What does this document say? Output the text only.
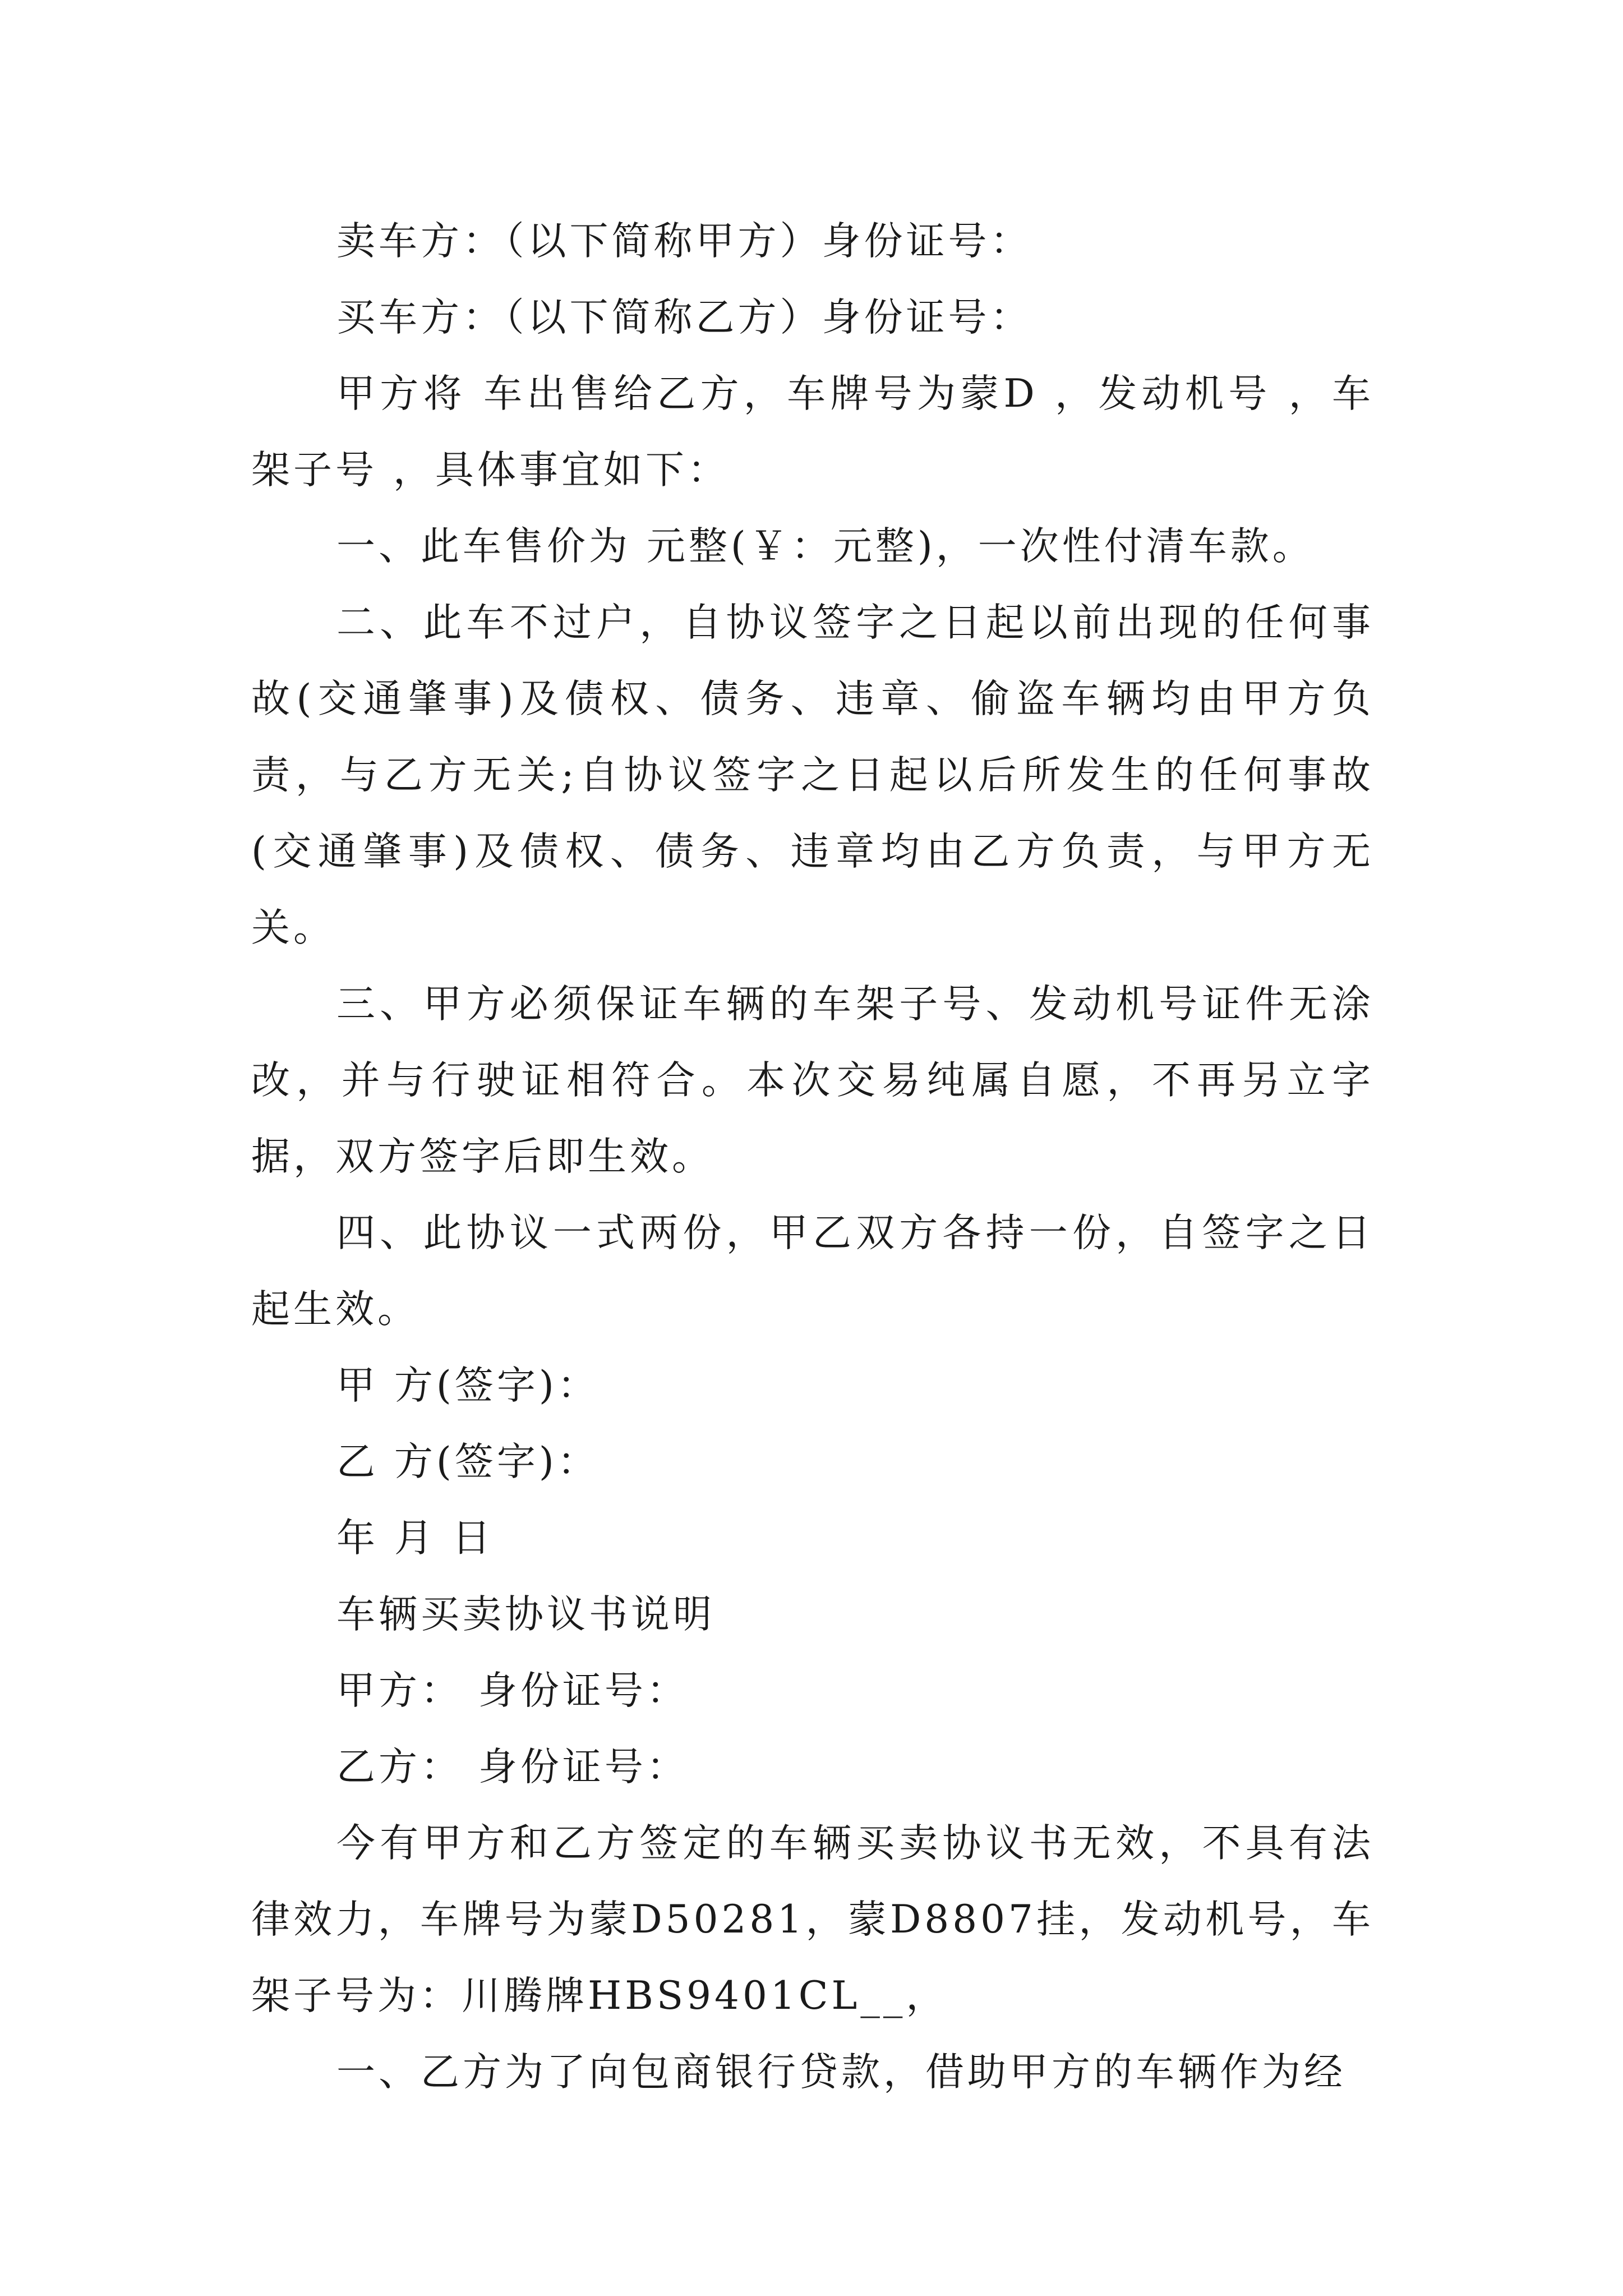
卖车方：（以下简称甲方）身份证号：

买车方：（以下简称乙方）身份证号：

甲方将 车出售给乙方，车牌号为蒙D ，发动机号 ，车架子号 ，具体事宜如下：

一、此车售价为 元整(￥：元整)，一次性付清车款。

二、此车不过户，自协议签字之日起以前出现的任何事故(交通肇事)及债权、债务、违章、偷盗车辆均由甲方负责，与乙方无关;自协议签字之日起以后所发生的任何事故(交通肇事)及债权、债务、违章均由乙方负责，与甲方无关。

三、甲方必须保证车辆的车架子号、发动机号证件无涂改，并与行驶证相符合。本次交易纯属自愿，不再另立字据，双方签字后即生效。

四、此协议一式两份，甲乙双方各持一份，自签字之日起生效。

甲 方(签字)：

乙 方(签字)：

年 月 日

车辆买卖协议书说明

甲方： 身份证号：

乙方： 身份证号：

今有甲方和乙方签定的车辆买卖协议书无效，不具有法律效力，车牌号为蒙D50281，蒙D8807挂，发动机号，车架子号为：川腾牌HBS9401CL__，

一、乙方为了向包商银行贷款，借助甲方的车辆作为经
